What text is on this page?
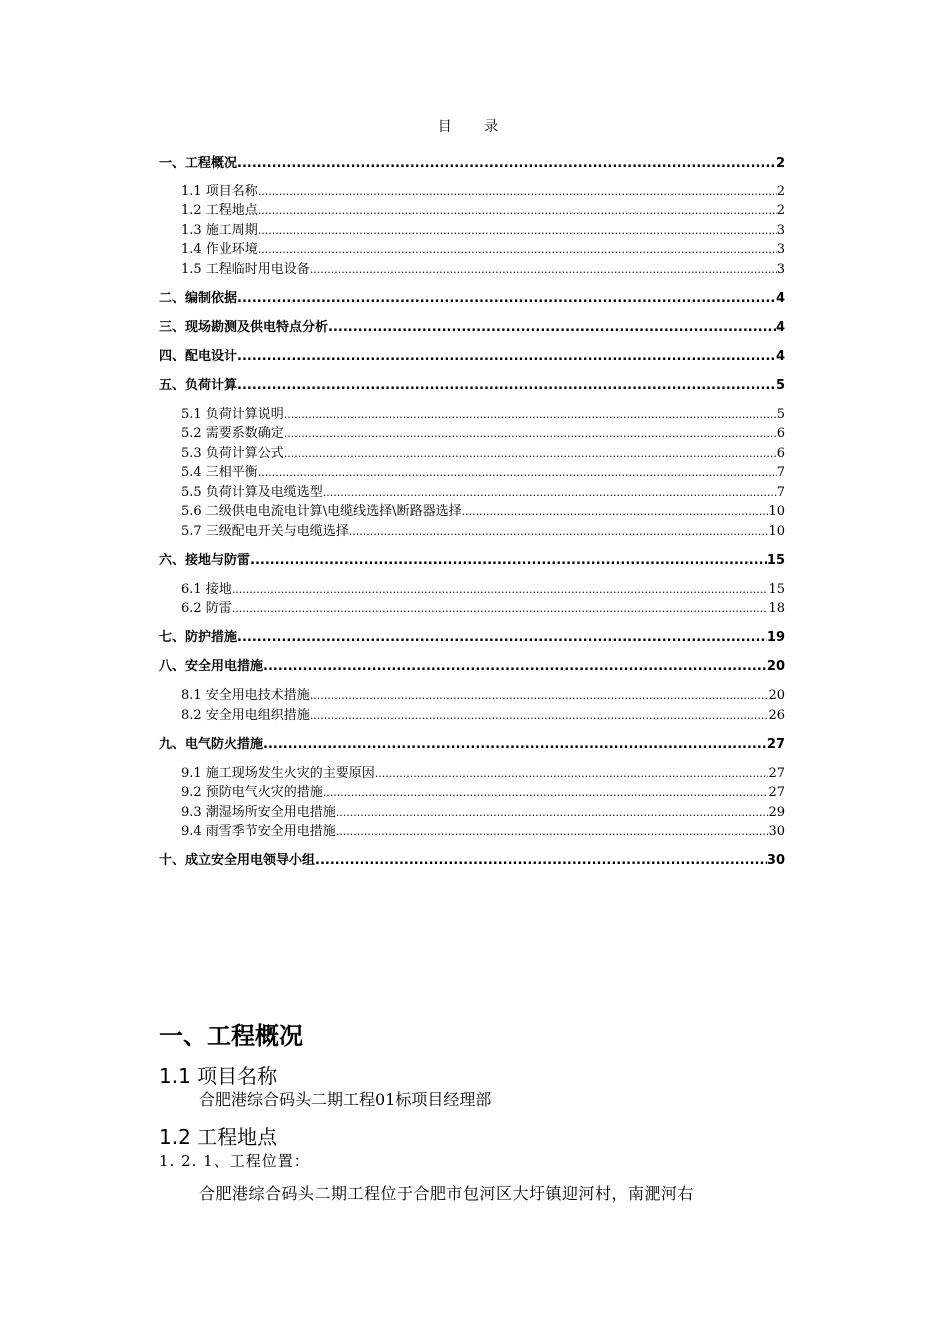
目 录
一、工程概况 .....	2
1.1 项目名称 .....	2
1.2 工程地点 .....	2
1.3 施工周期 .....	3
1.4 作业环境 .....	3
1.5 工程临时用电设备 .....	3
二、编制依据 .....	4
三、现场勘测及供电特点分析 .....	4
四、配电设计 .....	4
五、负荷计算 .....	5
5.1 负荷计算说明 .....	5
5.2 需要系数确定 .....	6
5.3 负荷计算公式 .....	6
5.4 三相平衡 .....	7
5.5 负荷计算及电缆选型 .....	7
5.6 二级供电电流电计算\电缆线选择\断路器选择 .....	10
5.7 三级配电开关与电缆选择 .....	10
六、接地与防雷 .....	15
6.1 接地 .....	15
6.2 防雷 .....	18
七、防护措施 .....	19
八、安全用电措施 .....	20
8.1 安全用电技术措施 .....	20
8.2 安全用电组织措施 .....	26
九、电气防火措施 .....	27
9.1 施工现场发生火灾的主要原因 .....	27
9.2 预防电气火灾的措施 .....	27
9.3 潮湿场所安全用电措施 .....	29
9.4 雨雪季节安全用电措施 .....	30
十、成立安全用电领导小组 .....	30
一、工程概况
1.1 项目名称
合肥港综合码头二期工程01标项目经理部
1.2 工程地点
1. 2. 1、工程位置：
合肥港综合码头二期工程位于合肥市包河区大圩镇迎河村，南淝河右
